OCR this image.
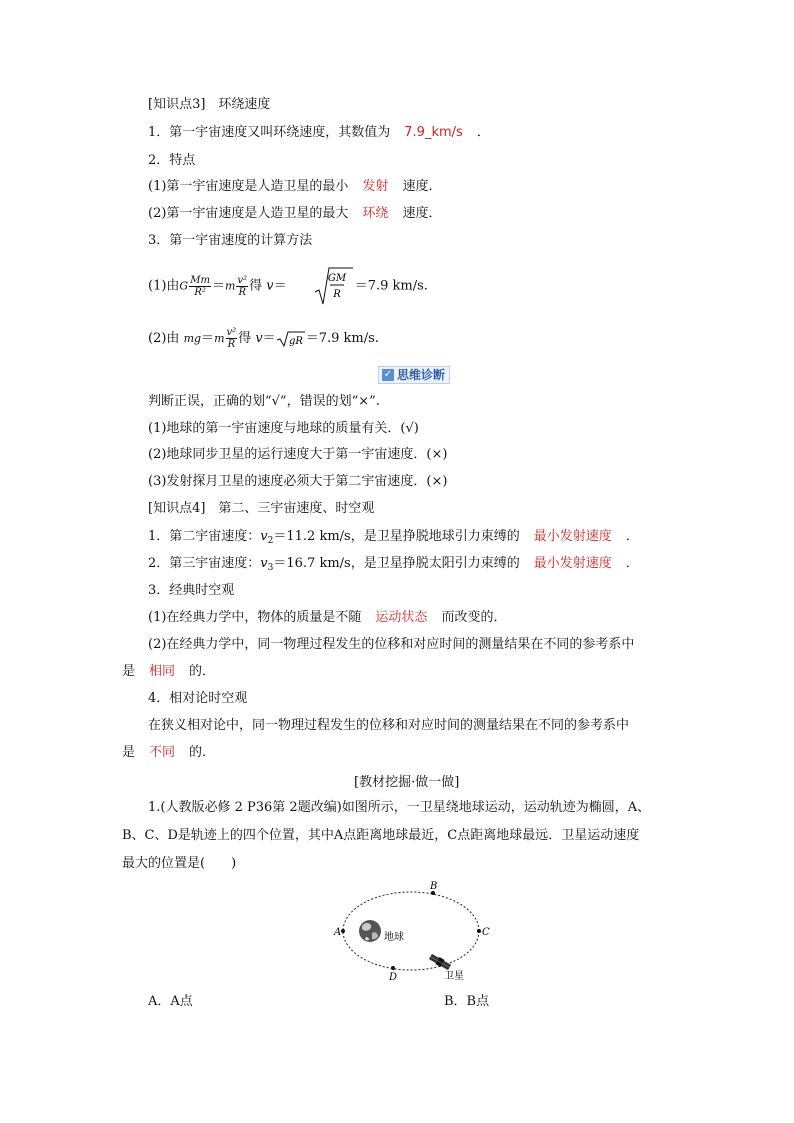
[知识点3]　环绕速度
1．第一宇宙速度又叫环绕速度，其数值为 7.9_km/s ．
2．特点
(1)第一宇宙速度是人造卫星的最小 发射 速度．
(2)第一宇宙速度是人造卫星的最大 环绕 速度．
3．第一宇宙速度的计算方法
(1)由G $\frac{Mm}{\text{R²}} =m \frac{\text{v²}}{R}$ 得 v＝	GM
R
＝7.9 km/s.
(2)由 $mg=m \frac{\text{v²}}{R}$ 得 v＝ gR ＝7.9 km/s.
✓ 思维诊断
判断正误，正确的划“√”，错误的划“×”.
(1)地球的第一宇宙速度与地球的质量有关．(√)
(2)地球同步卫星的运行速度大于第一宇宙速度．(×)
(3)发射探月卫星的速度必须大于第二宇宙速度．(×)
[知识点4]　第二、三宇宙速度、时空观
1．第二宇宙速度：$v_2=11.2$ km/s，是卫星挣脱地球引力束缚的 最小发射速度 ．
2．第三宇宙速度：$v_3=16.7$ km/s，是卫星挣脱太阳引力束缚的 最小发射速度 ．
3．经典时空观
(1)在经典力学中，物体的质量是不随 运动状态 而改变的．
(2)在经典力学中，同一物理过程发生的位移和对应时间的测量结果在不同的参考系中
是 相同 的．
4．相对论时空观
在狭义相对论中，同一物理过程发生的位移和对应时间的测量结果在不同的参考系中
是 不同 的．
[教材挖掘·做一做]
1.(人教版必修 2 P36第 2题改编)如图所示，一卫星绕地球运动，运动轨迹为椭圆，A、
B、C、D是轨迹上的四个位置，其中A点距离地球最近，C点距离地球最远．卫星运动速度
最大的位置是(　　)
A
B
C
D
地球
卫星
A．A点	B．B点
